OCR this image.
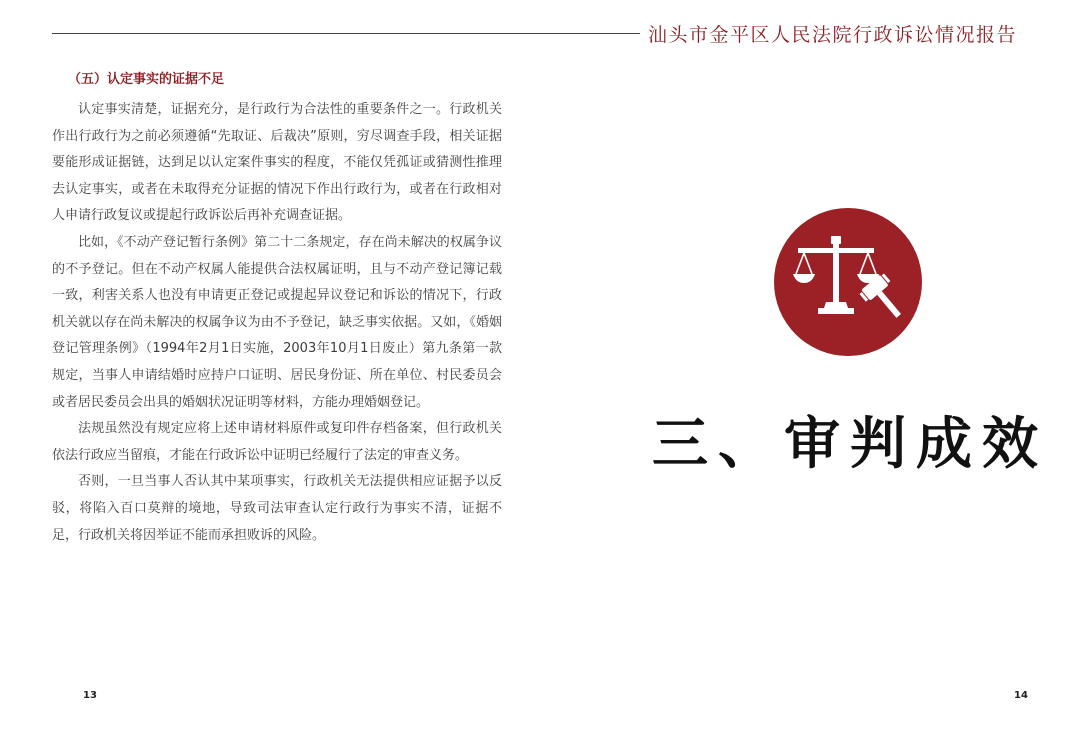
汕头市金平区人民法院行政诉讼情况报告
（五）认定事实的证据不足

认定事实清楚，证据充分，是行政行为合法性的重要条件之一。行政机关作出行政行为之前必须遵循“先取证、后裁决”原则，穷尽调查手段，相关证据要能形成证据链，达到足以认定案件事实的程度，不能仅凭孤证或猜测性推理去认定事实，或者在未取得充分证据的情况下作出行政行为，或者在行政相对人申请行政复议或提起行政诉讼后再补充调查证据。

比如，《不动产登记暂行条例》第二十二条规定，存在尚未解决的权属争议的不予登记。但在不动产权属人能提供合法权属证明，且与不动产登记簿记载一致，利害关系人也没有申请更正登记或提起异议登记和诉讼的情况下，行政机关就以存在尚未解决的权属争议为由不予登记，缺乏事实依据。又如，《婚姻登记管理条例》（1994年2月1日实施，2003年10月1日废止）第九条第一款规定，当事人申请结婚时应持户口证明、居民身份证、所在单位、村民委员会或者居民委员会出具的婚姻状况证明等材料，方能办理婚姻登记。

法规虽然没有规定应将上述申请材料原件或复印件存档备案，但行政机关依法行政应当留痕，才能在行政诉讼中证明已经履行了法定的审查义务。

否则，一旦当事人否认其中某项事实，行政机关无法提供相应证据予以反驳，将陷入百口莫辩的境地，导致司法审查认定行政行为事实不清，证据不足，行政机关将因举证不能而承担败诉的风险。

13
三、审判成效
14
